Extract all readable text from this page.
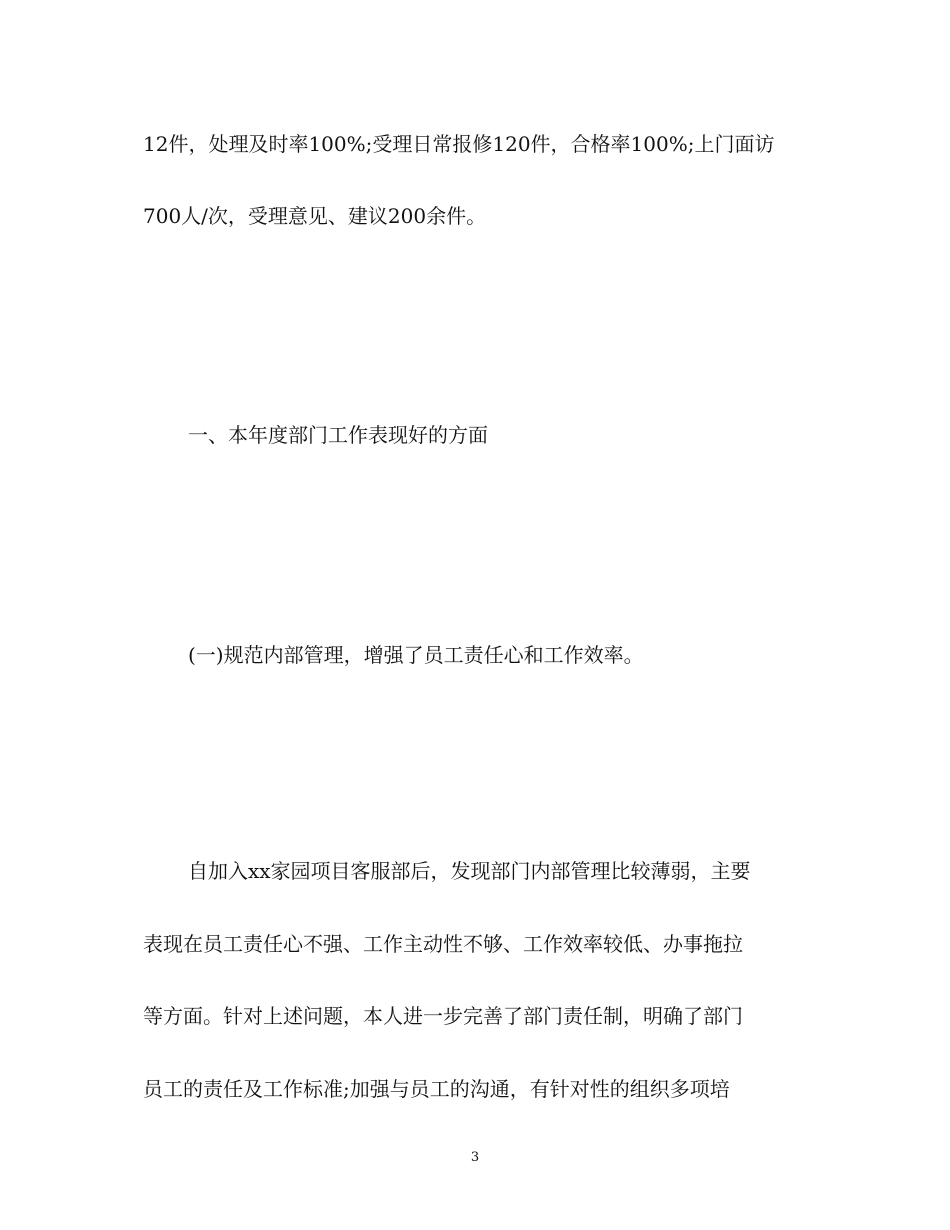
12件，处理及时率100%;受理日常报修120件，合格率100%;上门面访

700人/次，受理意见、建议200余件。

一、本年度部门工作表现好的方面

(一)规范内部管理，增强了员工责任心和工作效率。

自加入xx家园项目客服部后，发现部门内部管理比较薄弱，主要

表现在员工责任心不强、工作主动性不够、工作效率较低、办事拖拉

等方面。针对上述问题，本人进一步完善了部门责任制，明确了部门

员工的责任及工作标准;加强与员工的沟通，有针对性的组织多项培

3
